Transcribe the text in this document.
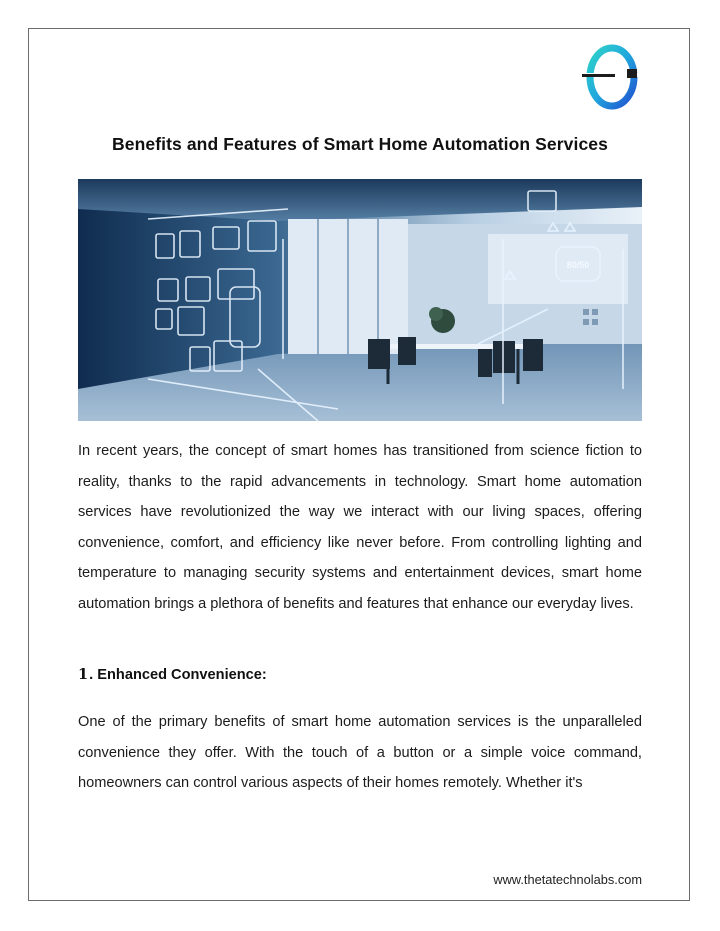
Benefits and Features of Smart Home Automation Services
80/50

In recent years, the concept of smart homes has transitioned from science fiction to reality, thanks to the rapid advancements in technology. Smart home automation services have revolutionized the way we interact with our living spaces, offering convenience, comfort, and efficiency like never before. From controlling lighting and temperature to managing security systems and entertainment devices, smart home automation brings a plethora of benefits and features that enhance our everyday lives.

1. Enhanced Convenience:

One of the primary benefits of smart home automation services is the unparalleled convenience they offer. With the touch of a button or a simple voice command, homeowners can control various aspects of their homes remotely. Whether it's

www.thetatechnolabs.com
